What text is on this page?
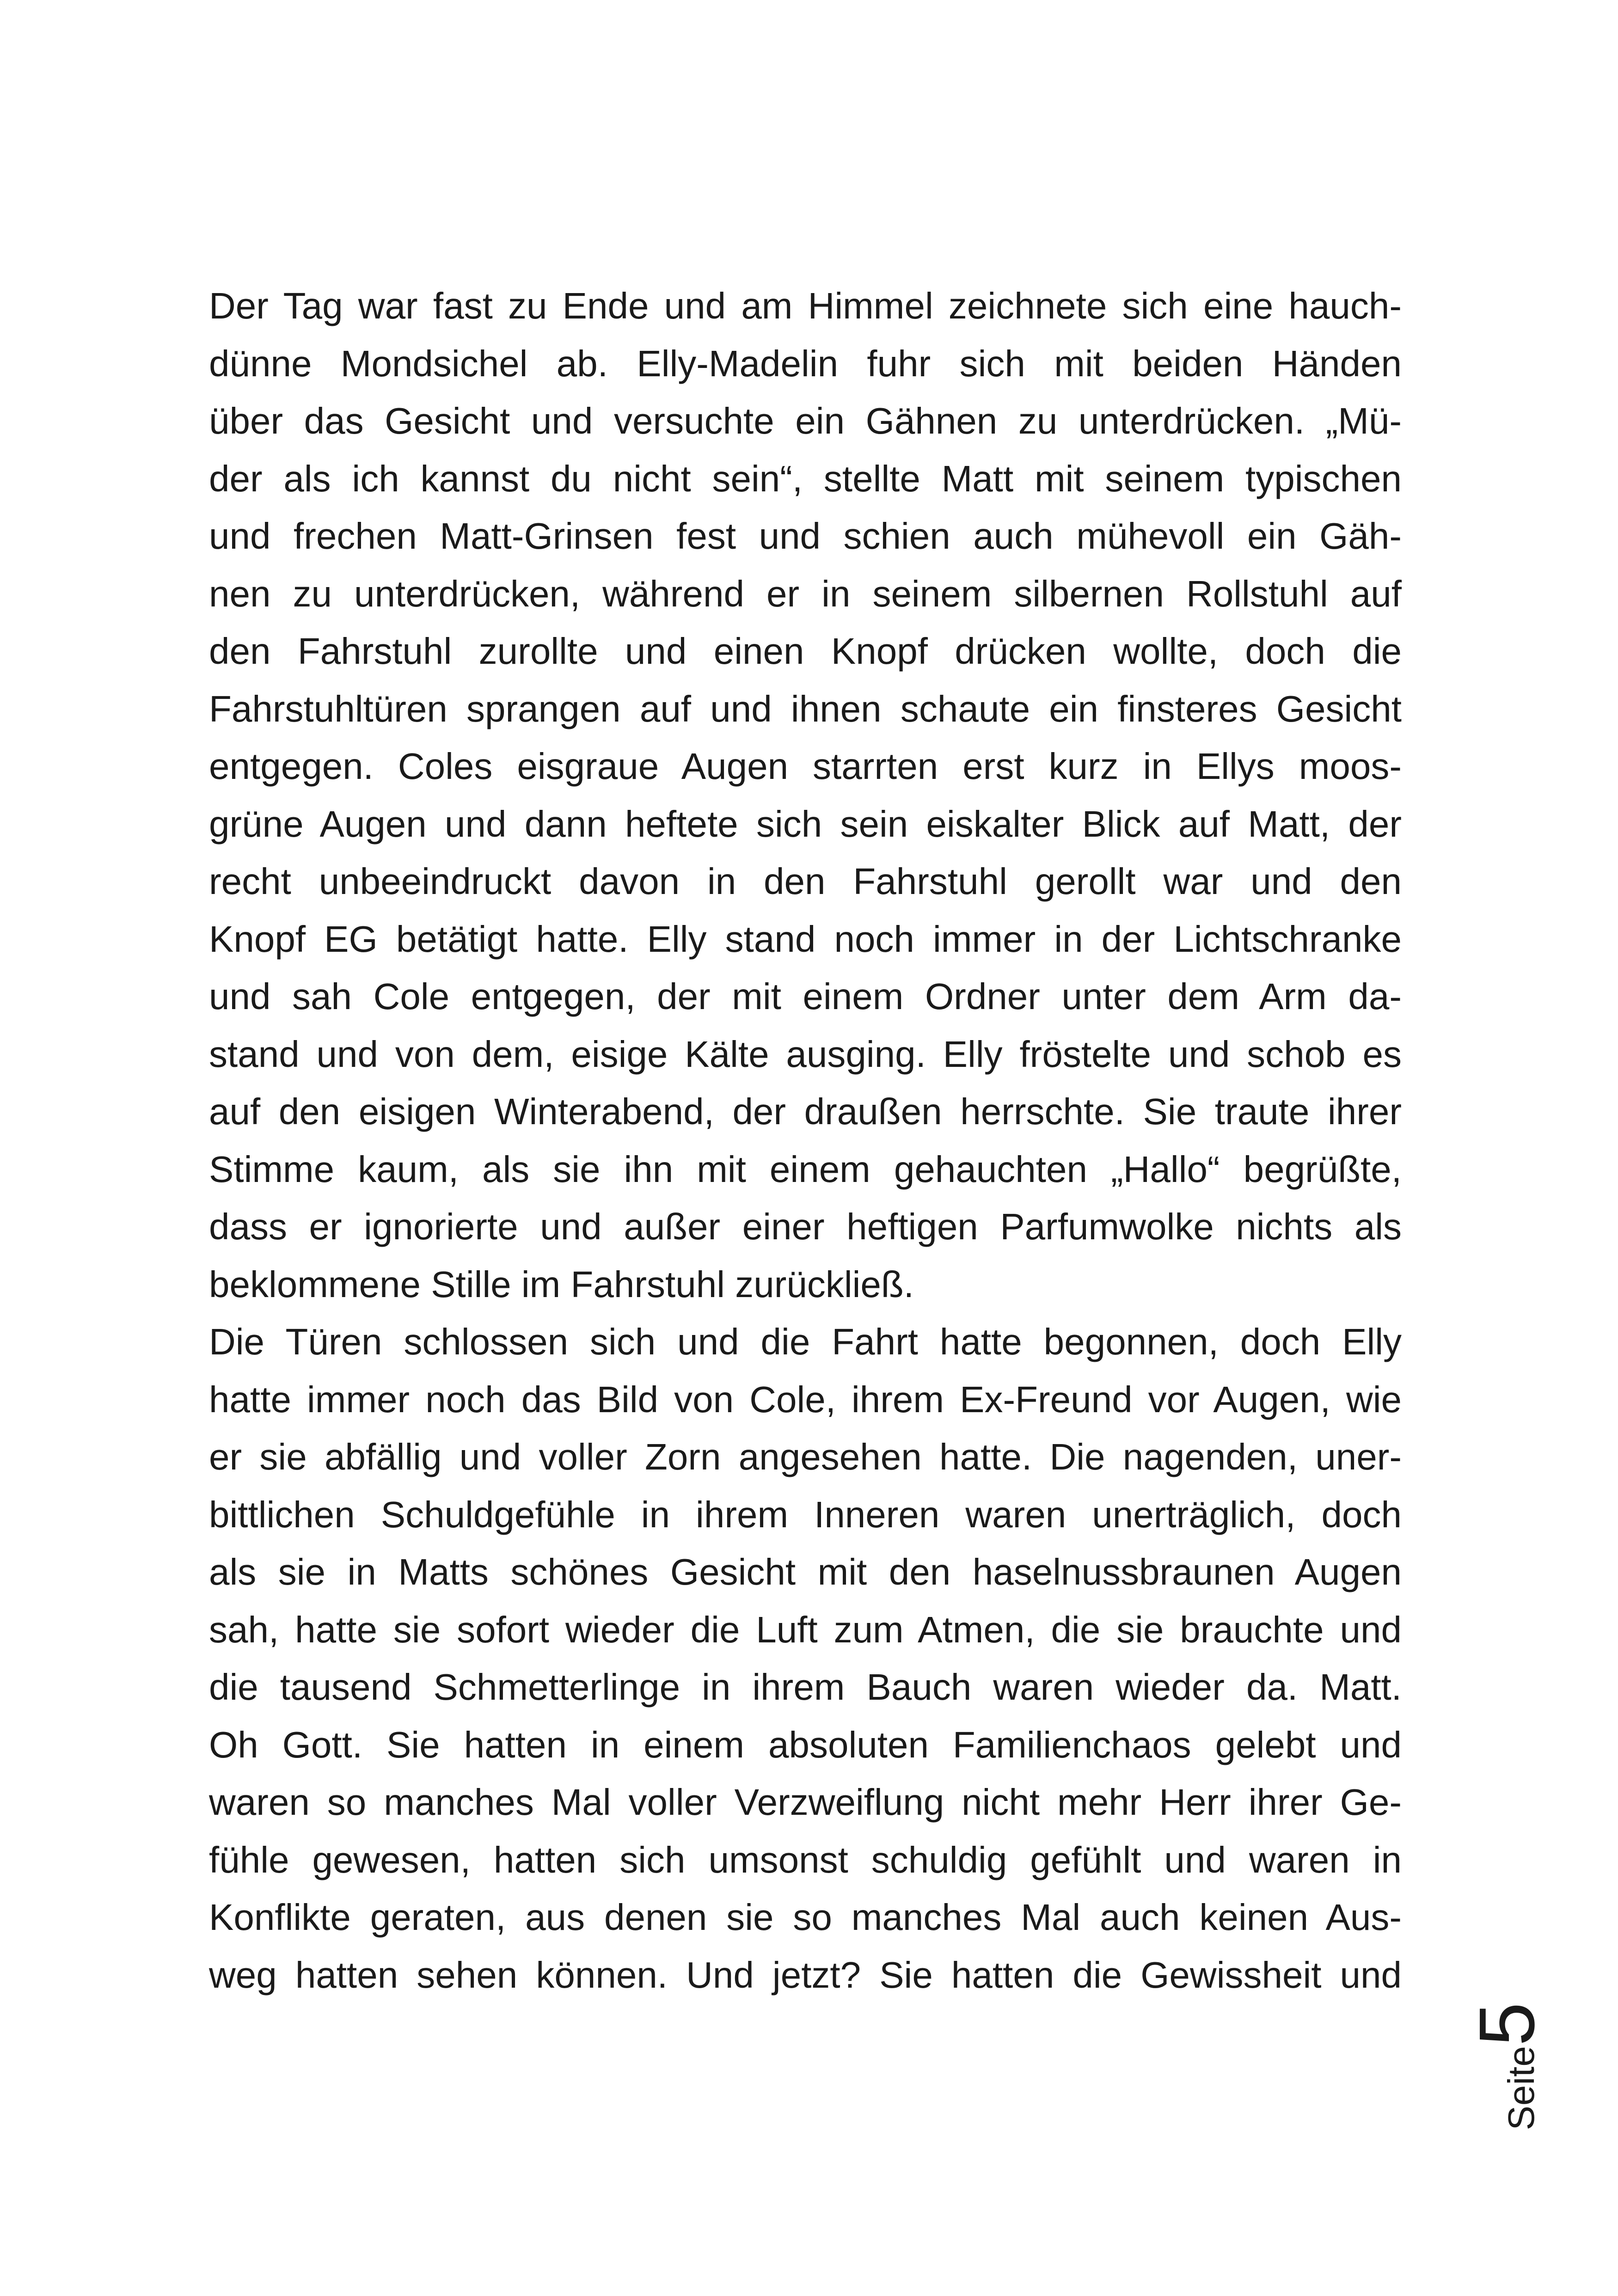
Der Tag war fast zu Ende und am Himmel zeichnete sich eine hauch-
dünne Mondsichel ab. Elly-Madelin fuhr sich mit beiden Händen
über das Gesicht und versuchte ein Gähnen zu unterdrücken. „Mü-
der als ich kannst du nicht sein“, stellte Matt mit seinem typischen
und frechen Matt-Grinsen fest und schien auch mühevoll ein Gäh-
nen zu unterdrücken, während er in seinem silbernen Rollstuhl auf
den Fahrstuhl zurollte und einen Knopf drücken wollte, doch die
Fahrstuhltüren sprangen auf und ihnen schaute ein finsteres Gesicht
entgegen. Coles eisgraue Augen starrten erst kurz in Ellys moos-
grüne Augen und dann heftete sich sein eiskalter Blick auf Matt, der
recht unbeeindruckt davon in den Fahrstuhl gerollt war und den
Knopf EG betätigt hatte. Elly stand noch immer in der Lichtschranke
und sah Cole entgegen, der mit einem Ordner unter dem Arm da-
stand und von dem, eisige Kälte ausging. Elly fröstelte und schob es
auf den eisigen Winterabend, der draußen herrschte. Sie traute ihrer
Stimme kaum, als sie ihn mit einem gehauchten „Hallo“ begrüßte,
dass er ignorierte und außer einer heftigen Parfumwolke nichts als
beklommene Stille im Fahrstuhl zurückließ.
Die Türen schlossen sich und die Fahrt hatte begonnen, doch Elly
hatte immer noch das Bild von Cole, ihrem Ex-Freund vor Augen, wie
er sie abfällig und voller Zorn angesehen hatte. Die nagenden, uner-
bittlichen Schuldgefühle in ihrem Inneren waren unerträglich, doch
als sie in Matts schönes Gesicht mit den haselnussbraunen Augen
sah, hatte sie sofort wieder die Luft zum Atmen, die sie brauchte und
die tausend Schmetterlinge in ihrem Bauch waren wieder da. Matt.
Oh Gott. Sie hatten in einem absoluten Familienchaos gelebt und
waren so manches Mal voller Verzweiflung nicht mehr Herr ihrer Ge-
fühle gewesen, hatten sich umsonst schuldig gefühlt und waren in
Konflikte geraten, aus denen sie so manches Mal auch keinen Aus-
weg hatten sehen können. Und jetzt? Sie hatten die Gewissheit und
Seite
5
